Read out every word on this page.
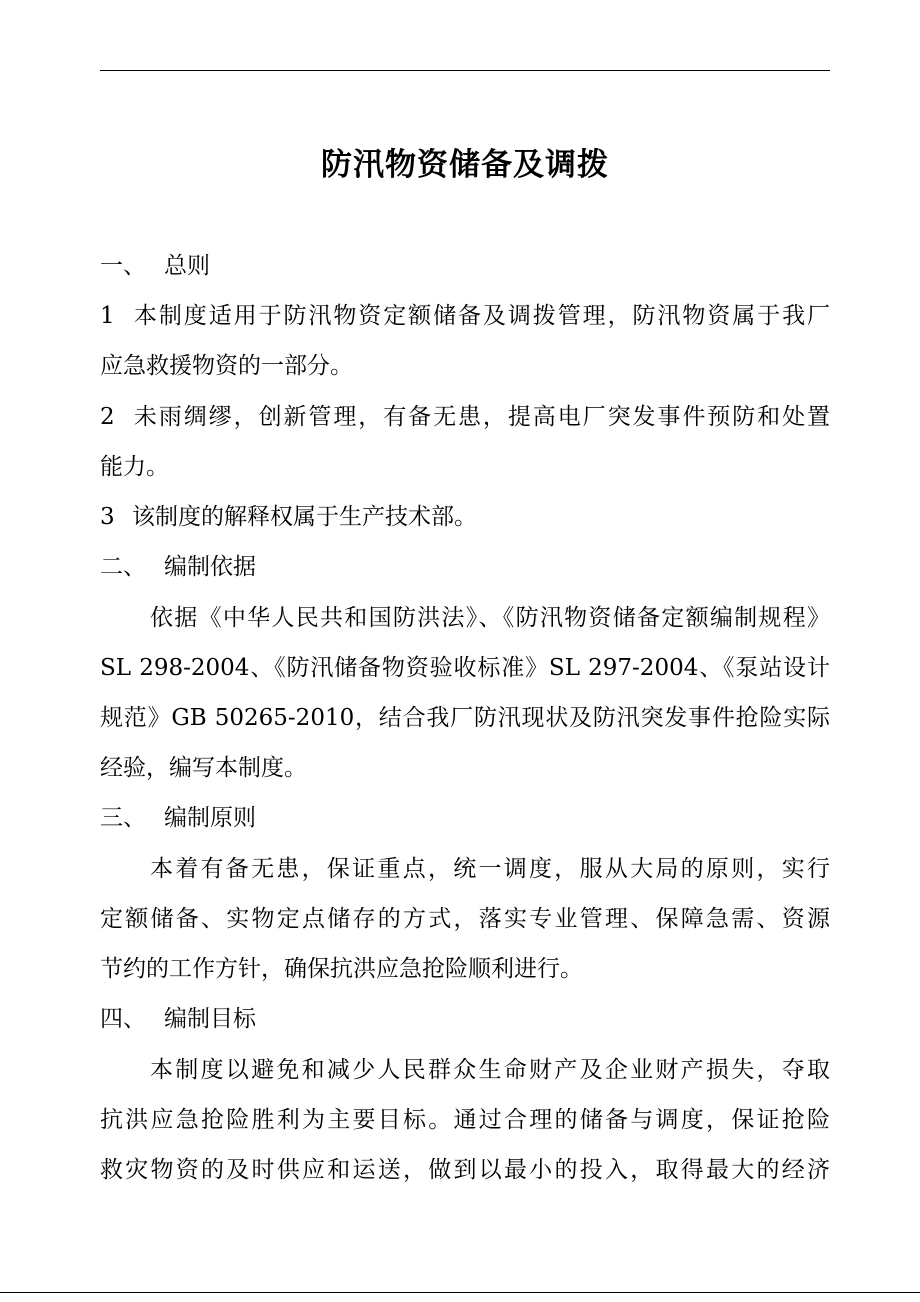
防汛物资储备及调拨
一、 总则
1 本制度适用于防汛物资定额储备及调拨管理，防汛物资属于我厂
应急救援物资的一部分。
2 未雨绸缪，创新管理，有备无患，提高电厂突发事件预防和处置
能力。
3 该制度的解释权属于生产技术部。
二、 编制依据
依据《中华人民共和国防洪法》、《防汛物资储备定额编制规程》
SL 298-2004、《防汛储备物资验收标准》SL 297-2004、《泵站设计
规范》GB 50265-2010，结合我厂防汛现状及防汛突发事件抢险实际
经验，编写本制度。
三、 编制原则
本着有备无患，保证重点，统一调度，服从大局的原则，实行
定额储备、实物定点储存的方式，落实专业管理、保障急需、资源
节约的工作方针，确保抗洪应急抢险顺利进行。
四、 编制目标
本制度以避免和减少人民群众生命财产及企业财产损失，夺取
抗洪应急抢险胜利为主要目标。通过合理的储备与调度，保证抢险
救灾物资的及时供应和运送，做到以最小的投入，取得最大的经济
